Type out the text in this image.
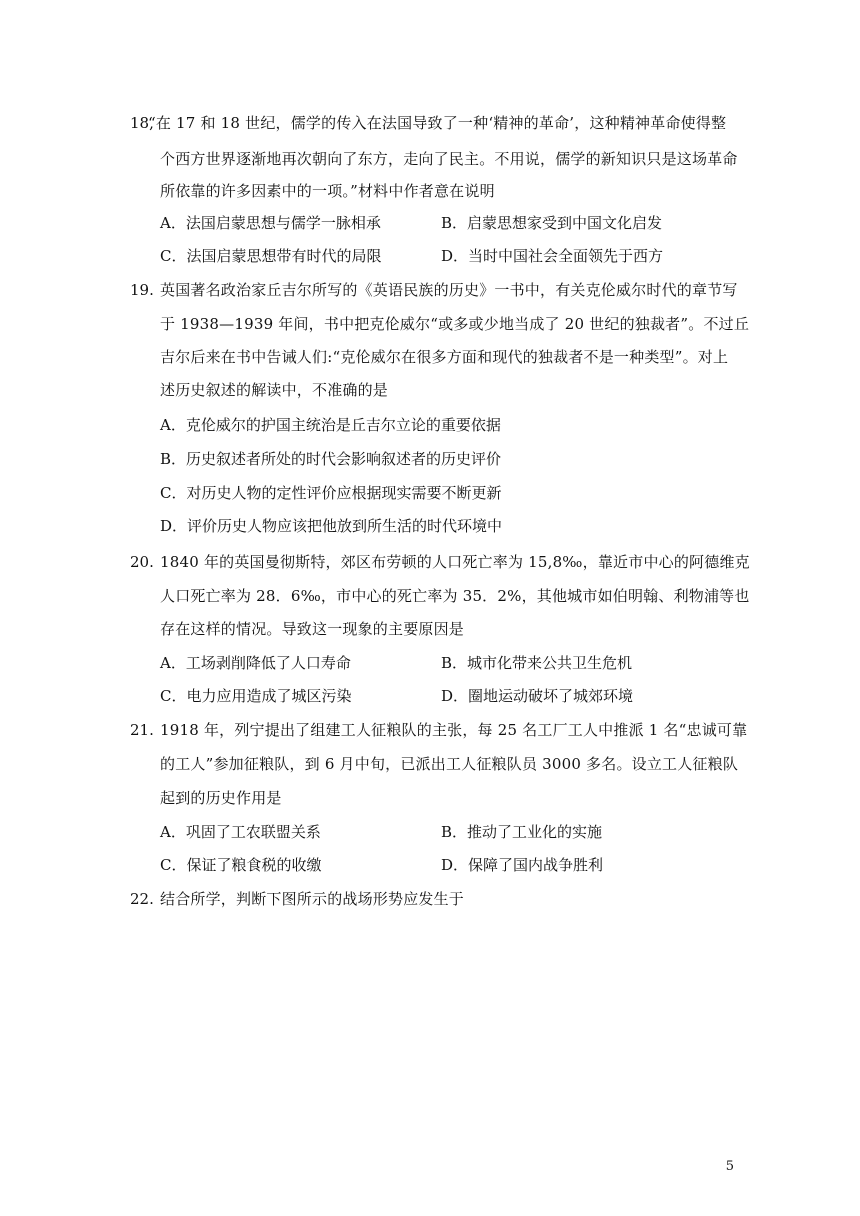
18,
“在 17 和 18 世纪，儒学的传入在法国导致了一种‘精神的革命’，这种精神革命使得整
个西方世界逐渐地再次朝向了东方，走向了民主。不用说，儒学的新知识只是这场革命
所依靠的许多因素中的一项。”材料中作者意在说明
A．法国启蒙思想与儒学一脉相承	B．启蒙思想家受到中国文化启发
C．法国启蒙思想带有时代的局限	D．当时中国社会全面领先于西方
19. 英国著名政治家丘吉尔所写的《英语民族的历史》一书中，有关克伦威尔时代的章节写
于 1938—1939 年间，书中把克伦威尔“或多或少地当成了 20 世纪的独裁者”。不过丘
吉尔后来在书中告诫人们:“克伦威尔在很多方面和现代的独裁者不是一种类型”。对上
述历史叙述的解读中，不准确的是
A．克伦威尔的护国主统治是丘吉尔立论的重要依据
B．历史叙述者所处的时代会影响叙述者的历史评价
C．对历史人物的定性评价应根据现实需要不断更新
D．评价历史人物应该把他放到所生活的时代环境中
20. 1840 年的英国曼彻斯特，郊区布劳顿的人口死亡率为 15,8‰，靠近市中心的阿德维克
人口死亡率为 28．6‰，市中心的死亡率为 35．2%，其他城市如伯明翰、利物浦等也
存在这样的情况。导致这一现象的主要原因是
A．工场剥削降低了人口寿命	B．城市化带来公共卫生危机
C．电力应用造成了城区污染	D．圈地运动破坏了城郊环境
21. 1918 年，列宁提出了组建工人征粮队的主张，每 25 名工厂工人中推派 1 名“忠诚可靠
的工人”参加征粮队，到 6 月中旬，已派出工人征粮队员 3000 多名。设立工人征粮队
起到的历史作用是
A．巩固了工农联盟关系	B．推动了工业化的实施
C．保证了粮食税的收缴	D．保障了国内战争胜利
22. 结合所学，判断下图所示的战场形势应发生于
5
